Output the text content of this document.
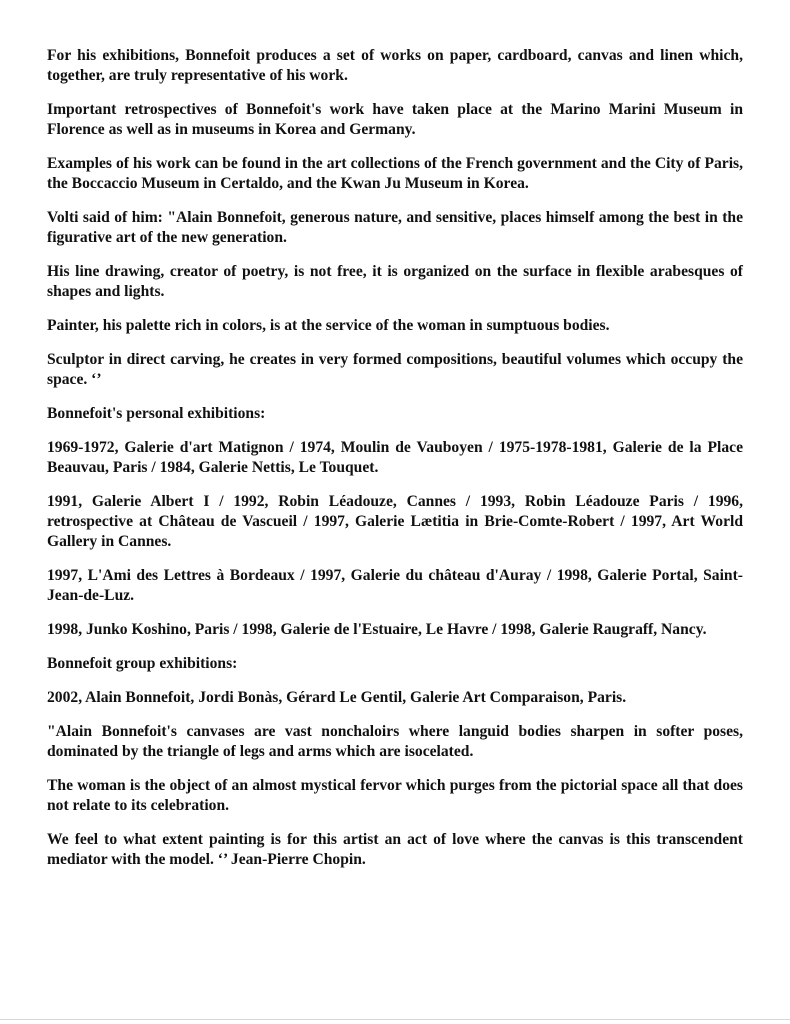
For his exhibitions, Bonnefoit produces a set of works on paper, cardboard, canvas and linen which, together, are truly representative of his work.

Important retrospectives of Bonnefoit's work have taken place at the Marino Marini Museum in Florence as well as in museums in Korea and Germany.

Examples of his work can be found in the art collections of the French government and the City of Paris, the Boccaccio Museum in Certaldo, and the Kwan Ju Museum in Korea.

Volti said of him: "Alain Bonnefoit, generous nature, and sensitive, places himself among the best in the figurative art of the new generation.

His line drawing, creator of poetry, is not free, it is organized on the surface in flexible arabesques of shapes and lights.

Painter, his palette rich in colors, is at the service of the woman in sumptuous bodies.

Sculptor in direct carving, he creates in very formed compositions, beautiful volumes which occupy the space. ‘’

Bonnefoit's personal exhibitions:

1969-1972, Galerie d'art Matignon / 1974, Moulin de Vauboyen / 1975-1978-1981, Galerie de la Place Beauvau, Paris / 1984, Galerie Nettis, Le Touquet.

1991, Galerie Albert I / 1992, Robin Léadouze, Cannes / 1993, Robin Léadouze Paris / 1996, retrospective at Château de Vascueil / 1997, Galerie Lætitia in Brie-Comte-Robert / 1997, Art World Gallery in Cannes.

1997, L'Ami des Lettres à Bordeaux / 1997, Galerie du château d'Auray / 1998, Galerie Portal, Saint-Jean-de-Luz.

1998, Junko Koshino, Paris / 1998, Galerie de l'Estuaire, Le Havre / 1998, Galerie Raugraff, Nancy.

Bonnefoit group exhibitions:

2002, Alain Bonnefoit, Jordi Bonàs, Gérard Le Gentil, Galerie Art Comparaison, Paris.

"Alain Bonnefoit's canvases are vast nonchaloirs where languid bodies sharpen in softer poses, dominated by the triangle of legs and arms which are isocelated.

The woman is the object of an almost mystical fervor which purges from the pictorial space all that does not relate to its celebration.

We feel to what extent painting is for this artist an act of love where the canvas is this transcendent mediator with the model. ‘’ Jean-Pierre Chopin.
